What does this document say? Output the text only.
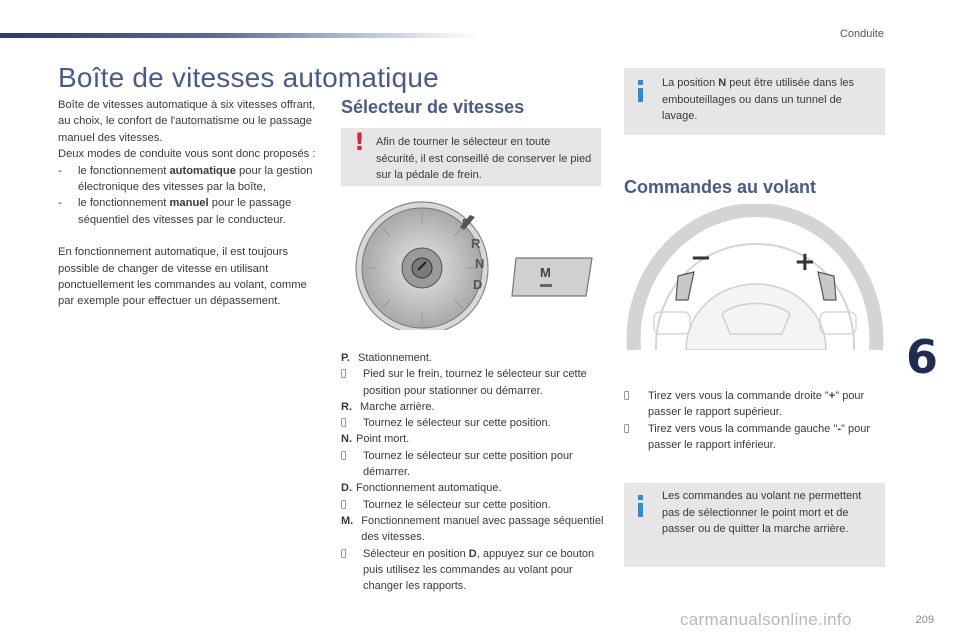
Conduite
Boîte de vitesses automatique

Boîte de vitesses automatique à six vitesses offrant, au choix, le confort de l'automatisme ou le passage manuel des vitesses.

Deux modes de conduite vous sont donc proposés :

-	le fonctionnement automatique pour la gestion électronique des vitesses par la boîte,
-	le fonctionnement manuel pour le passage séquentiel des vitesses par le conducteur.

En fonctionnement automatique, il est toujours possible de changer de vitesse en utilisant ponctuellement les commandes au volant, comme par exemple pour effectuer un dépassement.

Sélecteur de vitesses
! Afin de tourner le sélecteur en toute sécurité, il est conseillé de conserver le pied sur la pédale de frein.
P
R
N
D
M
P. Stationnement.
Pied sur le frein, tournez le sélecteur sur cette position pour stationner ou démarrer.
R. Marche arrière.
Tournez le sélecteur sur cette position.
N. Point mort.
Tournez le sélecteur sur cette position pour démarrer.
D. Fonctionnement automatique.
Tournez le sélecteur sur cette position.
M. Fonctionnement manuel avec passage séquentiel des vitesses.
Sélecteur en position D, appuyez sur ce bouton puis utilisez les commandes au volant pour changer les rapports.
La position N peut être utilisée dans les embouteillages ou dans un tunnel de lavage.
Commandes au volant
−	+
Tirez vers vous la commande droite "+" pour passer le rapport supérieur.
Tirez vers vous la commande gauche "-" pour passer le rapport inférieur.
Les commandes au volant ne permettent pas de sélectionner le point mort et de passer ou de quitter la marche arrière.
6
carmanualsonline.info	209
